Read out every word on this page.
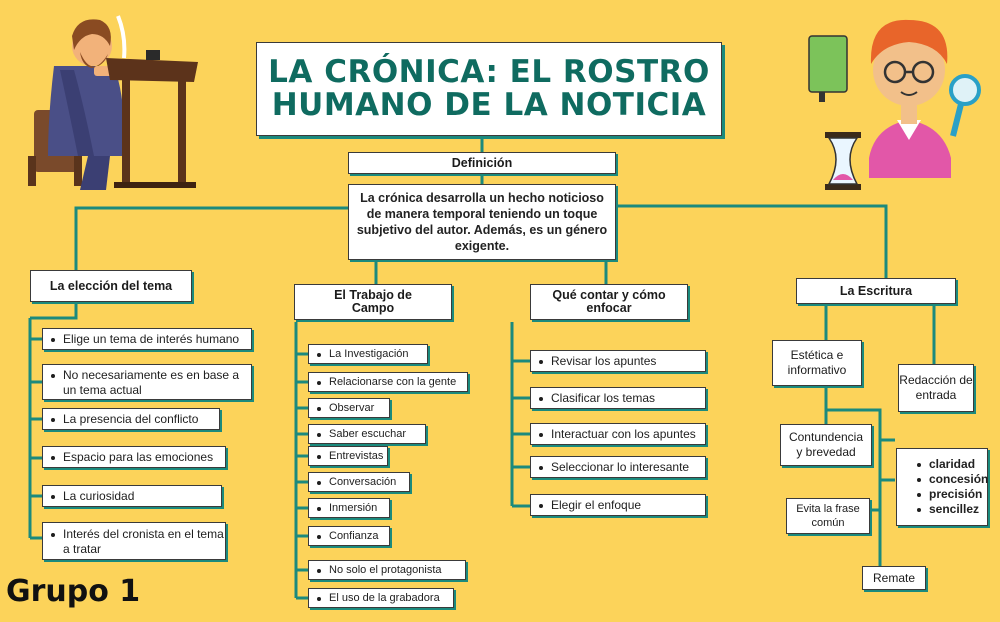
LA CRÓNICA: EL ROSTRO HUMANO DE LA NOTICIA
Definición
La crónica desarrolla un hecho noticioso de manera temporal teniendo un toque subjetivo del autor. Además, es un género exigente.
La elección del tema
Elige un tema de interés humano
No necesariamente es en base a un tema actual
La presencia del conflicto
Espacio para las emociones
La curiosidad
Interés del cronista en el tema a tratar
El Trabajo de Campo
La Investigación
Relacionarse con la gente
Observar
Saber escuchar
Entrevistas
Conversación
Inmersión
Confianza
No solo el protagonista
El uso de la grabadora
Qué contar y cómo enfocar
Revisar los apuntes
Clasificar los temas
Interactuar con los apuntes
Seleccionar lo interesante
Elegir el enfoque
La Escritura
Estética e informativo
Redacción de entrada
Contundencia y brevedad
claridad
concesión
precisión
sencillez
Evita la frase común
Remate
Grupo 1
